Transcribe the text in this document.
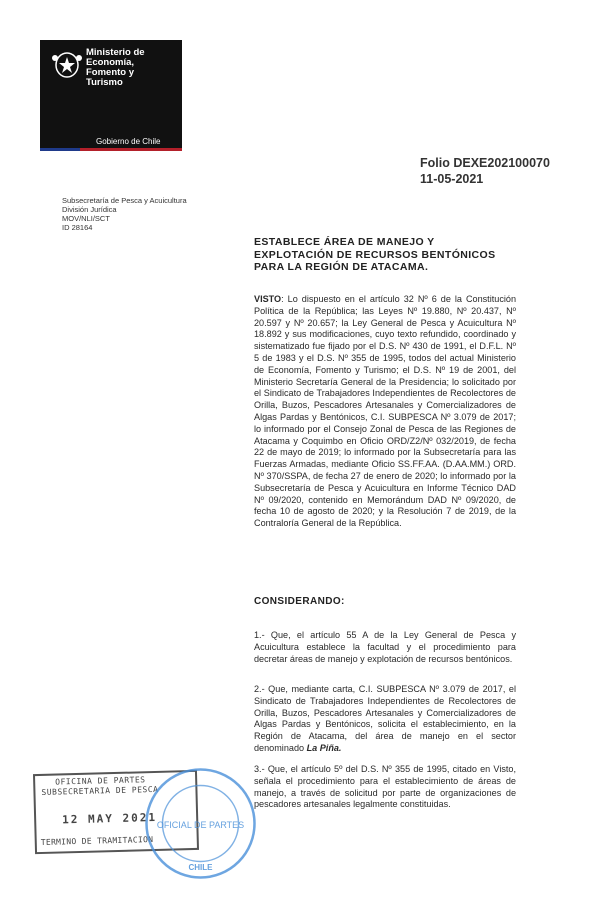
Ministerio de
Economía,
Fomento y
Turismo
Gobierno de Chile
Folio DEXE202100070
11-05-2021
Subsecretaría de Pesca y Acuicultura
División Jurídica
MOV/NLI/SCT
ID 28164
ESTABLECE ÁREA DE MANEJO Y EXPLOTACIÓN DE RECURSOS BENTÓNICOS PARA LA REGIÓN DE ATACAMA.
VISTO: Lo dispuesto en el artículo 32 Nº 6 de la Constitución Política de la República; las Leyes Nº 19.880, Nº 20.437, Nº 20.597 y Nº 20.657; la Ley General de Pesca y Acuicultura Nº 18.892 y sus modificaciones, cuyo texto refundido, coordinado y sistematizado fue fijado por el D.S. Nº 430 de 1991, el D.F.L. Nº 5 de 1983 y el D.S. Nº 355 de 1995, todos del actual Ministerio de Economía, Fomento y Turismo; el D.S. Nº 19 de 2001, del Ministerio Secretaría General de la Presidencia; lo solicitado por el Sindicato de Trabajadores Independientes de Recolectores de Orilla, Buzos, Pescadores Artesanales y Comercializadores de Algas Pardas y Bentónicos, C.I. SUBPESCA Nº 3.079 de 2017; lo informado por el Consejo Zonal de Pesca de las Regiones de Atacama y Coquimbo en Oficio ORD/Z2/Nº 032/2019, de fecha 22 de mayo de 2019; lo informado por la Subsecretaría para las Fuerzas Armadas, mediante Oficio SS.FF.AA. (D.AA.MM.) ORD. Nº 370/SSPA, de fecha 27 de enero de 2020; lo informado por la Subsecretaría de Pesca y Acuicultura en Informe Técnico DAD Nº 09/2020, contenido en Memorándum DAD Nº 09/2020, de fecha 10 de agosto de 2020; y la Resolución 7 de 2019, de la Contraloría General de la República.
CONSIDERANDO:
1.- Que, el artículo 55 A de la Ley General de Pesca y Acuicultura establece la facultad y el procedimiento para decretar áreas de manejo y explotación de recursos bentónicos.
2.- Que, mediante carta, C.I. SUBPESCA Nº 3.079 de 2017, el Sindicato de Trabajadores Independientes de Recolectores de Orilla, Buzos, Pescadores Artesanales y Comercializadores de Algas Pardas y Bentónicos, solicita el establecimiento, en la Región de Atacama, del área de manejo en el sector denominado La Piña.
3.- Que, el artículo 5º del D.S. Nº 355 de 1995, citado en Visto, señala el procedimiento para el establecimiento de áreas de manejo, a través de solicitud por parte de organizaciones de pescadores artesanales legalmente constituidas.
OFICINA DE PARTES
SUBSECRETARIA DE PESCA
12 MAY 2021
TERMINO DE TRAMITACION
OFICIAL DE PARTES
CHILE
